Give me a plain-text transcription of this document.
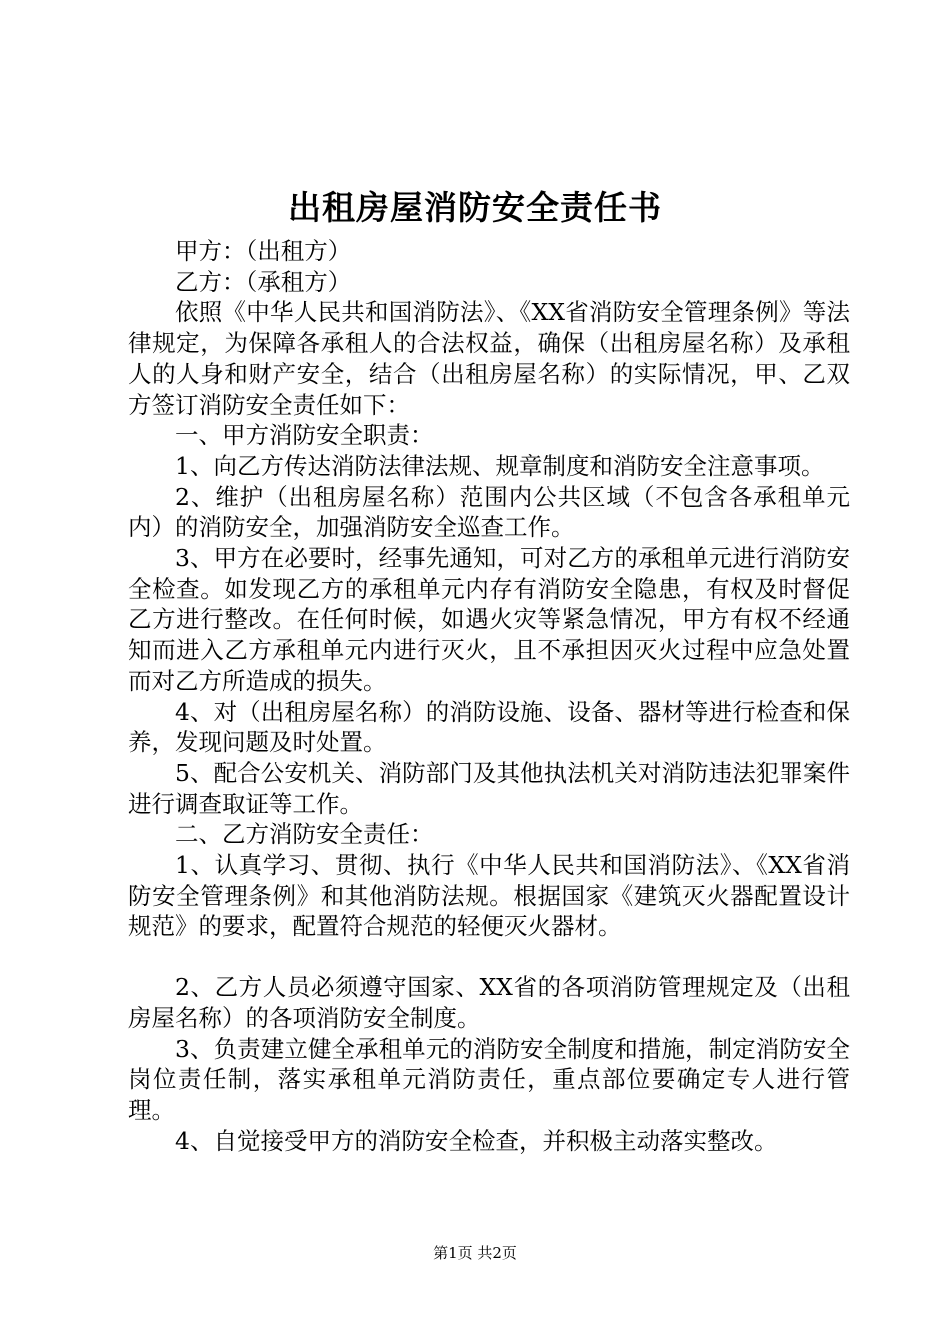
出租房屋消防安全责任书

甲方：（出租方）

乙方：（承租方）

依照《中华人民共和国消防法》、《XX省消防安全管理条例》等法律规定，为保障各承租人的合法权益，确保（出租房屋名称）及承租人的人身和财产安全，结合（出租房屋名称）的实际情况，甲、乙双方签订消防安全责任如下：

一、甲方消防安全职责：

1、向乙方传达消防法律法规、规章制度和消防安全注意事项。

2、维护（出租房屋名称）范围内公共区域（不包含各承租单元内）的消防安全，加强消防安全巡查工作。

3、甲方在必要时，经事先通知，可对乙方的承租单元进行消防安全检查。如发现乙方的承租单元内存有消防安全隐患，有权及时督促乙方进行整改。在任何时候，如遇火灾等紧急情况，甲方有权不经通知而进入乙方承租单元内进行灭火，且不承担因灭火过程中应急处置而对乙方所造成的损失。

4、对（出租房屋名称）的消防设施、设备、器材等进行检查和保养，发现问题及时处置。

5、配合公安机关、消防部门及其他执法机关对消防违法犯罪案件进行调查取证等工作。

二、乙方消防安全责任：

1、认真学习、贯彻、执行《中华人民共和国消防法》、《XX省消防安全管理条例》和其他消防法规。根据国家《建筑灭火器配置设计规范》的要求，配置符合规范的轻便灭火器材。

2、乙方人员必须遵守国家、XX省的各项消防管理规定及（出租房屋名称）的各项消防安全制度。

3、负责建立健全承租单元的消防安全制度和措施，制定消防安全岗位责任制，落实承租单元消防责任，重点部位要确定专人进行管理。

4、自觉接受甲方的消防安全检查，并积极主动落实整改。

第1页 共2页
